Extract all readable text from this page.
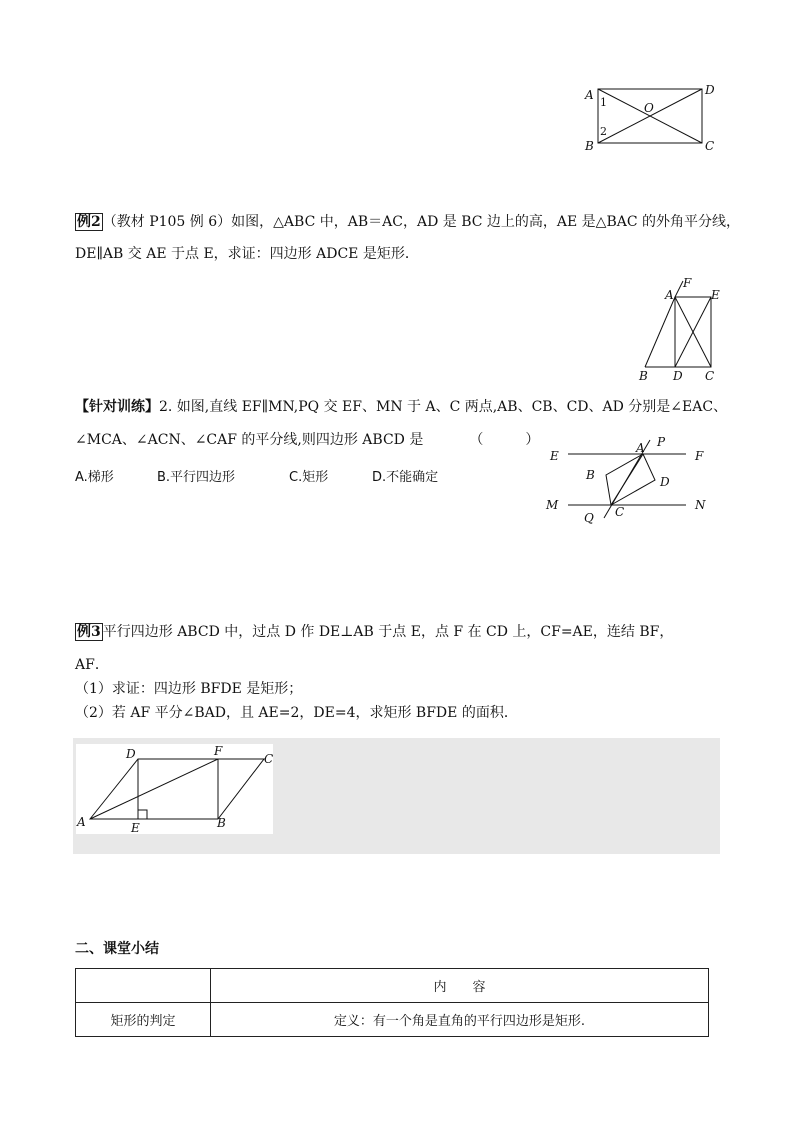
A	D
B	C
O
1
2
例2 （教材 P105 例 6）如图，△ABC 中，AB＝AC，AD 是 BC 边上的高，AE 是△BAC 的外角平分线，
DE∥AB 交 AE 于点 E，求证：四边形 ADCE 是矩形．
A
F
E
B D C
【针对训练】2. 如图,直线 EF∥MN,PQ 交 EF、MN 于 A、C 两点,AB、CB、CD、AD 分别是∠EAC、
∠MCA、∠ACN、∠CAF 的平分线,则四边形 ABCD 是	（　　　）
A.梯形	B.平行四边形	C.矩形	D.不能确定
E	F
A P
B	D
M	N
Q C
例3 平行四边形 ABCD 中，过点 D 作 DE⊥AB 于点 E，点 F 在 CD 上，CF=AE，连结 BF，
AF．
（1）求证：四边形 BFDE 是矩形；
（2）若 AF 平分∠BAD，且 AE=2，DE=4，求矩形 BFDE 的面积．
D	F
C
A	E	B
二、课堂小结
	内　　容
矩形的判定	定义：有一个角是直角的平行四边形是矩形.
